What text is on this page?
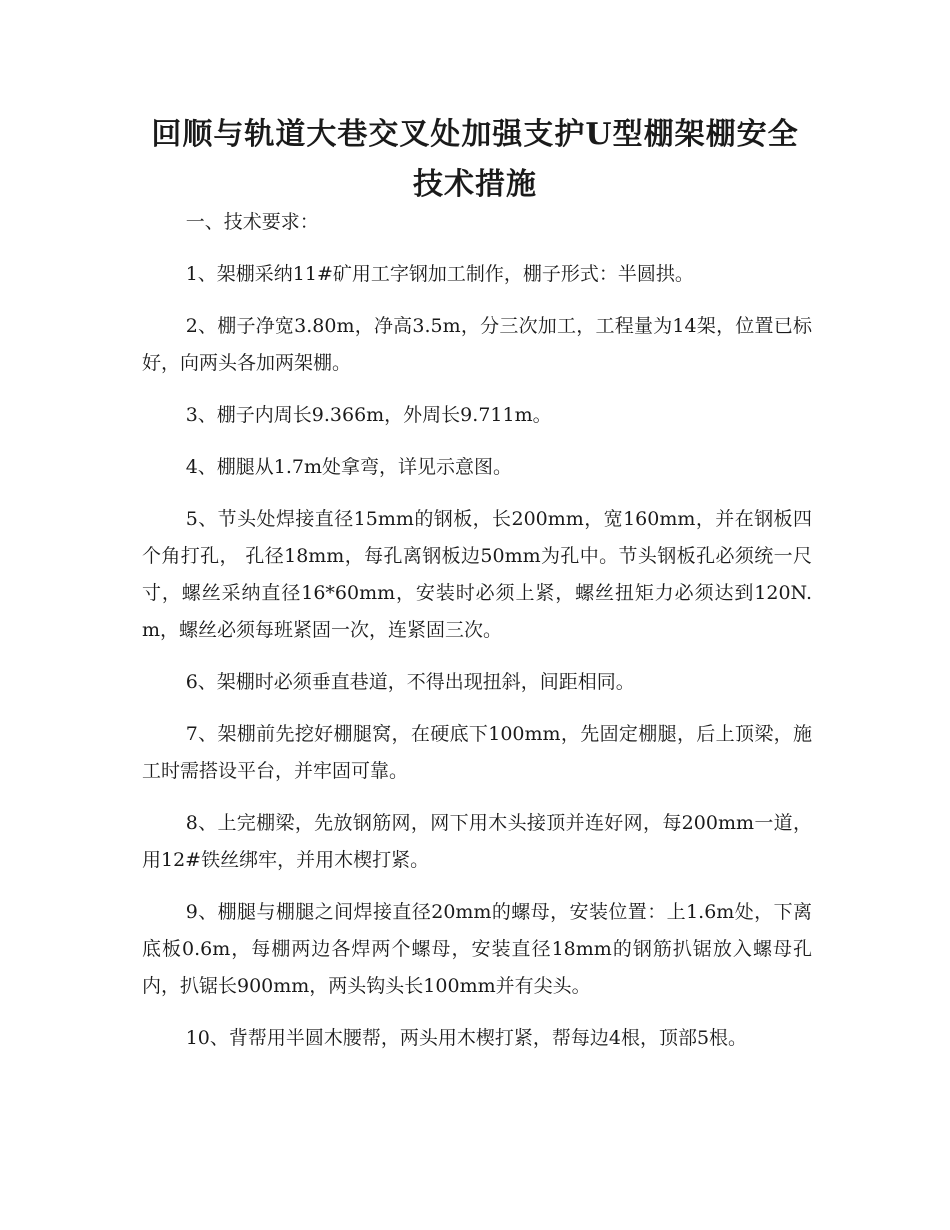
回顺与轨道大巷交叉处加强支护U型棚架棚安全
技术措施

一、技术要求：

1、架棚采纳11#矿用工字钢加工制作，棚子形式：半圆拱。

2、棚子净宽3.80m，净高3.5m，分三次加工，工程量为14架，位置已标好，向两头各加两架棚。

3、棚子内周长9.366m，外周长9.711m。

4、棚腿从1.7m处拿弯，详见示意图。

5、节头处焊接直径15mm的钢板，长200mm，宽160mm，并在钢板四个角打孔， 孔径18mm，每孔离钢板边50mm为孔中。节头钢板孔必须统一尺寸，螺丝采纳直径16*60mm，安装时必须上紧，螺丝扭矩力必须达到120N.m，螺丝必须每班紧固一次，连紧固三次。

6、架棚时必须垂直巷道，不得出现扭斜，间距相同。

7、架棚前先挖好棚腿窝，在硬底下100mm，先固定棚腿，后上顶梁，施工时需搭设平台，并牢固可靠。

8、上完棚梁，先放钢筋网，网下用木头接顶并连好网，每200mm一道，用12#铁丝绑牢，并用木楔打紧。

9、棚腿与棚腿之间焊接直径20mm的螺母，安装位置：上1.6m处，下离底板0.6m，每棚两边各焊两个螺母，安装直径18mm的钢筋扒锯放入螺母孔内，扒锯长900mm，两头钩头长100mm并有尖头。

10、背帮用半圆木腰帮，两头用木楔打紧，帮每边4根，顶部5根。
